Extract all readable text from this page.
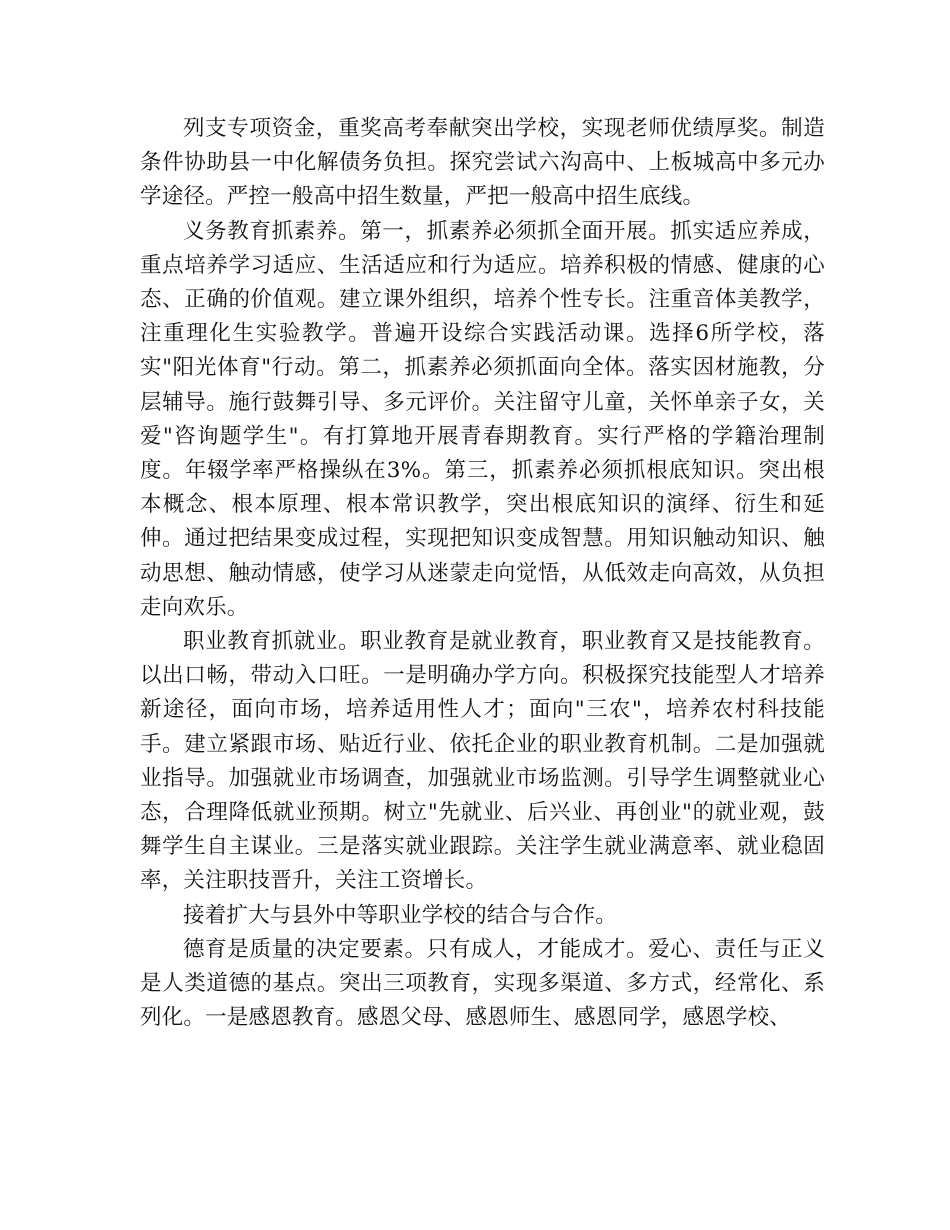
列支专项资金，重奖高考奉献突出学校，实现老师优绩厚奖。制造条件协助县一中化解债务负担。探究尝试六沟高中、上板城高中多元办学途径。严控一般高中招生数量，严把一般高中招生底线。

义务教育抓素养。第一，抓素养必须抓全面开展。抓实适应养成，重点培养学习适应、生活适应和行为适应。培养积极的情感、健康的心态、正确的价值观。建立课外组织，培养个性专长。注重音体美教学，注重理化生实验教学。普遍开设综合实践活动课。选择6所学校，落实"阳光体育"行动。第二，抓素养必须抓面向全体。落实因材施教，分层辅导。施行鼓舞引导、多元评价。关注留守儿童，关怀单亲子女，关爱"咨询题学生"。有打算地开展青春期教育。实行严格的学籍治理制度。年辍学率严格操纵在3%。第三，抓素养必须抓根底知识。突出根本概念、根本原理、根本常识教学，突出根底知识的演绎、衍生和延伸。通过把结果变成过程，实现把知识变成智慧。用知识触动知识、触动思想、触动情感，使学习从迷蒙走向觉悟，从低效走向高效，从负担走向欢乐。

职业教育抓就业。职业教育是就业教育，职业教育又是技能教育。以出口畅，带动入口旺。一是明确办学方向。积极探究技能型人才培养新途径，面向市场，培养适用性人才；面向"三农"，培养农村科技能手。建立紧跟市场、贴近行业、依托企业的职业教育机制。二是加强就业指导。加强就业市场调查，加强就业市场监测。引导学生调整就业心态，合理降低就业预期。树立"先就业、后兴业、再创业"的就业观，鼓舞学生自主谋业。三是落实就业跟踪。关注学生就业满意率、就业稳固率，关注职技晋升，关注工资增长。

接着扩大与县外中等职业学校的结合与合作。

德育是质量的决定要素。只有成人，才能成才。爱心、责任与正义是人类道德的基点。突出三项教育，实现多渠道、多方式，经常化、系列化。一是感恩教育。感恩父母、感恩师生、感恩同学，感恩学校、
